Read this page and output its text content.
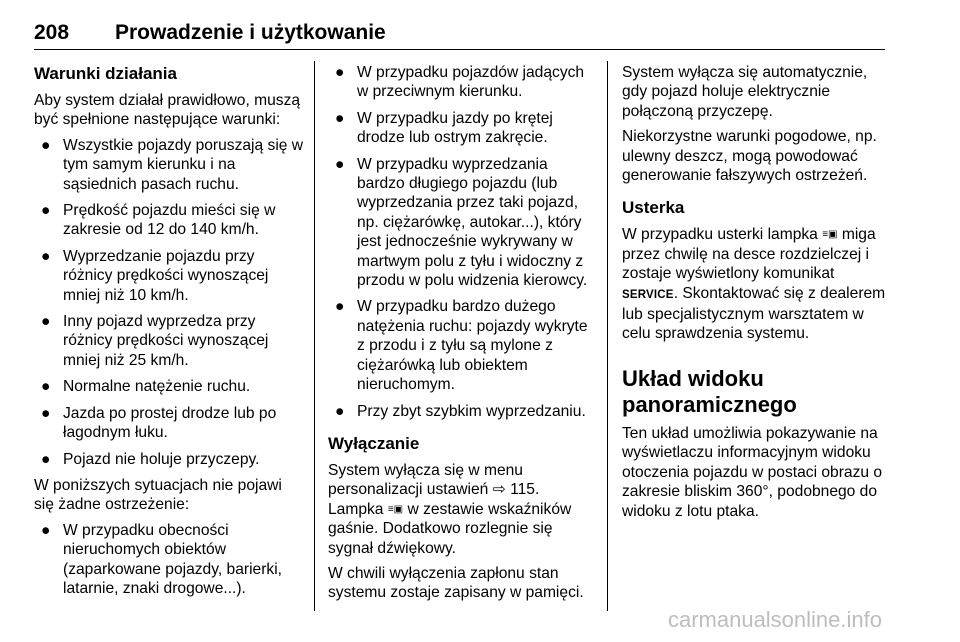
208 Prowadzenie i użytkowanie
Warunki działania

Aby system działał prawidłowo, muszą być spełnione następujące warunki:

● Wszystkie pojazdy poruszają się w tym samym kierunku i na sąsiednich pasach ruchu.
● Prędkość pojazdu mieści się w zakresie od 12 do 140 km/h.
● Wyprzedzanie pojazdu przy różnicy prędkości wynoszącej mniej niż 10 km/h.
● Inny pojazd wyprzedza przy różnicy prędkości wynoszącej mniej niż 25 km/h.
● Normalne natężenie ruchu.
● Jazda po prostej drodze lub po łagodnym łuku.
● Pojazd nie holuje przyczepy.

W poniższych sytuacjach nie pojawi się żadne ostrzeżenie:

● W przypadku obecności nieruchomych obiektów (zaparkowane pojazdy, barierki, latarnie, znaki drogowe...).
● W przypadku pojazdów jadących w przeciwnym kierunku.
● W przypadku jazdy po krętej drodze lub ostrym zakręcie.
● W przypadku wyprzedzania bardzo długiego pojazdu (lub wyprzedzania przez taki pojazd, np. ciężarówkę, autokar...), który jest jednocześnie wykrywany w martwym polu z tyłu i widoczny z przodu w polu widzenia kierowcy.
● W przypadku bardzo dużego natężenia ruchu: pojazdy wykryte z przodu i z tyłu są mylone z ciężarówką lub obiektem nieruchomym.
● Przy zbyt szybkim wyprzedzaniu.
Wyłączanie

System wyłącza się w menu personalizacji ustawień ⇨ 115. Lampka ≡▣ w zestawie wskaźników gaśnie. Dodatkowo rozlegnie się sygnał dźwiękowy.

W chwili wyłączenia zapłonu stan systemu zostaje zapisany w pamięci.

System wyłącza się automatycznie, gdy pojazd holuje elektrycznie połączoną przyczepę.

Niekorzystne warunki pogodowe, np. ulewny deszcz, mogą powodować generowanie fałszywych ostrzeżeń.

Usterka

W przypadku usterki lampka ≡▣ miga przez chwilę na desce rozdzielczej i zostaje wyświetlony komunikat SERVICE. Skontaktować się z dealerem lub specjalistycznym warsztatem w celu sprawdzenia systemu.

Układ widoku
panoramicznego

Ten układ umożliwia pokazywanie na wyświetlaczu informacyjnym widoku otoczenia pojazdu w postaci obrazu o zakresie bliskim 360°, podobnego do widoku z lotu ptaka.

carmanualsonline.info
